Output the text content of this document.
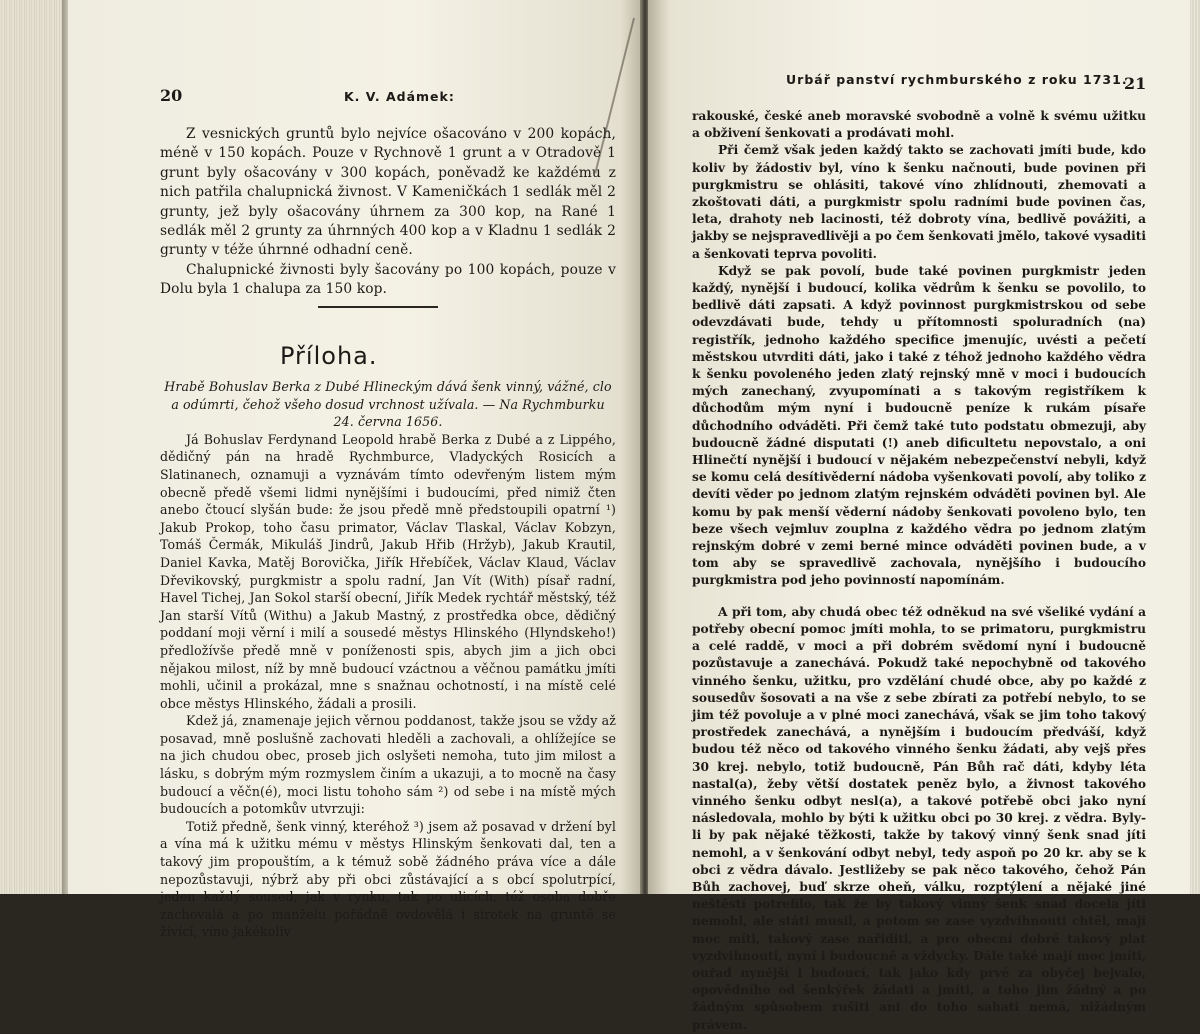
20	K. V. Adámek:

Z vesnických gruntů bylo nejvíce ošacováno v 200 kopách, méně v 150 kopách. Pouze v Rychnově 1 grunt a v Otradově 1 grunt byly ošacovány v 300 kopách, poněvadž ke každému z nich patřila chalupnická živnost. V Kameničkách 1 sedlák měl 2 grunty, jež byly ošacovány úhrnem za 300 kop, na Rané 1 sedlák měl 2 grunty za úhrnných 400 kop a v Kladnu 1 sedlák 2 grunty v téže úhrnné odhadní ceně.

Chalupnické živnosti byly šacovány po 100 kopách, pouze v Dolu byla 1 chalupa za 150 kop.

Příloha.

Hrabě Bohuslav Berka z Dubé Hlineckým dává šenk vinný, vážné, clo a odúmrti, čehož všeho dosud vrchnost užívala. — Na Rychmburku 24. června 1656.

Já Bohuslav Ferdynand Leopold hrabě Berka z Dubé a z Lippého, dědičný pán na hradě Rychmburce, Vladyckých Rosicích a Slatinanech, oznamuji a vyznávám tímto odevřeným listem mým obecně předě všemi lidmi nynějšími i budoucími, před nimiž čten anebo čtoucí slyšán bude: že jsou předě mně předstoupili opatrní ¹) Jakub Prokop, toho času primator, Václav Tlaskal, Václav Kobzyn, Tomáš Čermák, Mikuláš Jindrů, Jakub Hřib (Hržyb), Jakub Krautil, Daniel Kavka, Matěj Borovička, Jiřík Hřebíček, Václav Klaud, Václav Dřevikovský, purgkmistr a spolu radní, Jan Vít (With) písař radní, Havel Tichej, Jan Sokol starší obecní, Jiřík Medek rychtář městský, též Jan starší Vítů (Withu) a Jakub Mastný, z prostředka obce, dědičný poddaní moji věrní i milí a sousedé městys Hlinského (Hlyndskeho!) předložívše předě mně v poníženosti spis, abych jim a jich obci nějakou milost, níž by mně budoucí vzáctnou a věčnou památku jmíti mohli, učinil a prokázal, mne s snažnau ochotností, i na místě celé obce městys Hlinského, žádali a prosili.

Kdež já, znamenaje jejich věrnou poddanost, takže jsou se vždy až posavad, mně poslušně zachovati hleděli a zachovali, a ohlížejíce se na jich chudou obec, proseb jich oslyšeti nemoha, tuto jim milost a lásku, s dobrým mým rozmyslem činím a ukazuji, a to mocně na časy budoucí a věčn(é), moci listu tohoho sám ²) od sebe i na místě mých budoucích a potomkův utvrzuji:

Totiž předně, šenk vinný, kteréhož ³) jsem až posavad v držení byl a vína má k užitku mému v městys Hlinským šenkovati dal, ten a takový jim propouštím, a k témuž sobě žádného práva více a dále nepozůstavuji, nýbrž aby při obci zůstávající a s obcí spolutrpící, jeden každý soused, jak v rynku, tak po ulicích, též osoba dobře zachovalá a po manželu pořádně ovdovělá i sirotek na gruntě se živící, víno jakékoliv

Urbář panství rychmburského z roku 1731.
21

rakouské, české aneb moravské svobodně a volně k svému užitku a obživení šenkovati a prodávati mohl.

Při čemž však jeden každý takto se zachovati jmíti bude, kdo koliv by žádostiv byl, víno k šenku načnouti, bude povinen při purgkmistru se ohlásiti, takové víno zhlídnouti, zhemovati a zkoštovati dáti, a purgkmistr spolu radními bude povinen čas, leta, drahoty neb lacinosti, též dobroty vína, bedlivě povážiti, a jakby se nejspravedlivěji a po čem šenkovati jmělo, takové vysaditi a šenkovati teprva povoliti.

Když se pak povolí, bude také povinen purgkmistr jeden každý, nynější i budoucí, kolika vědrům k šenku se povolilo, to bedlivě dáti zapsati. A když povinnost purgkmistrskou od sebe odevzdávati bude, tehdy u přítomnosti spoluradních (na) registřík, jednoho každého specifice jmenujíc, uvésti a pečetí městskou utvrditi dáti, jako i také z téhož jednoho každého vědra k šenku povoleného jeden zlatý rejnský mně v moci i budoucích mých zanechaný, zvyupomínati a s takovým registříkem k důchodům mým nyní i budoucně peníze k rukám písaře důchodního odváděti. Při čemž také tuto podstatu obmezuji, aby budoucně žádné disputati (!) aneb dificultetu nepovstalo, a oni Hlinečtí nynější i budoucí v nějakém nebezpečenství nebyli, když se komu celá desítivěderní nádoba vyšenkovati povolí, aby toliko z devíti věder po jednom zlatým rejnském odváděti povinen byl. Ale komu by pak menší věderní nádoby šenkovati povoleno bylo, ten beze všech vejmluv zouplna z každého vědra po jednom zlatým rejnským dobré v zemi berné mince odváděti povinen bude, a v tom aby se spravedlivě zachovala, nynějšího i budoucího purgkmistra pod jeho povinností napomínám.

A při tom, aby chudá obec též odněkud na své všeliké vydání a potřeby obecní pomoc jmíti mohla, to se primatoru, purgkmistru a celé raddě, v moci a při dobrém svědomí nyní i budoucně pozůstavuje a zanechává. Pokudž také nepochybně od takového vinného šenku, užitku, pro vzdělání chudé obce, aby po každé z sousedův šosovati a na vše z sebe zbírati za potřebí nebylo, to se jim též povoluje a v plné moci zanechává, však se jim toho takový prostředek zanechává, a nynějším i budoucím předváší, když budou též něco od takového vinného šenku žádati, aby vejš přes 30 krej. nebylo, totiž budoucně, Pán Bůh rač dáti, kdyby léta nastal(a), žeby větší dostatek peněz bylo, a živnost takového vinného šenku odbyt nesl(a), a takové potřebě obci jako nyní následovala, mohlo by býti k užitku obci po 30 krej. z vědra. Byly-li by pak nějaké těžkosti, takže by takový vinný šenk snad jíti nemohl, a v šenkování odbyt nebyl, tedy aspoň po 20 kr. aby se k obci z vědra dávalo. Jestližeby se pak něco takového, čehož Pán Bůh zachovej, buď skrze oheň, válku, rozptýlení a nějaké jiné neštěstí potrefilo, tak že by takový vinný šenk snad docela jíti nemohl, ale státi musil, a potom se zase vyzdvihnouti chtěl, mají moc míti, takový zase nařiditi, a pro obecní dobré takový plat vyzdvihnouti, nyní i budoucně a vždycky. Dále také mají moc jmíti, ouřad nynější i budoucí, tak jako kdy prvé za obyčej bejvalo, opovědního od šenkýřek žádati a jmíti, a toho jim žádný a po žádným spůsobem rušiti ani do toho sahati nemá, nižádným právem.
